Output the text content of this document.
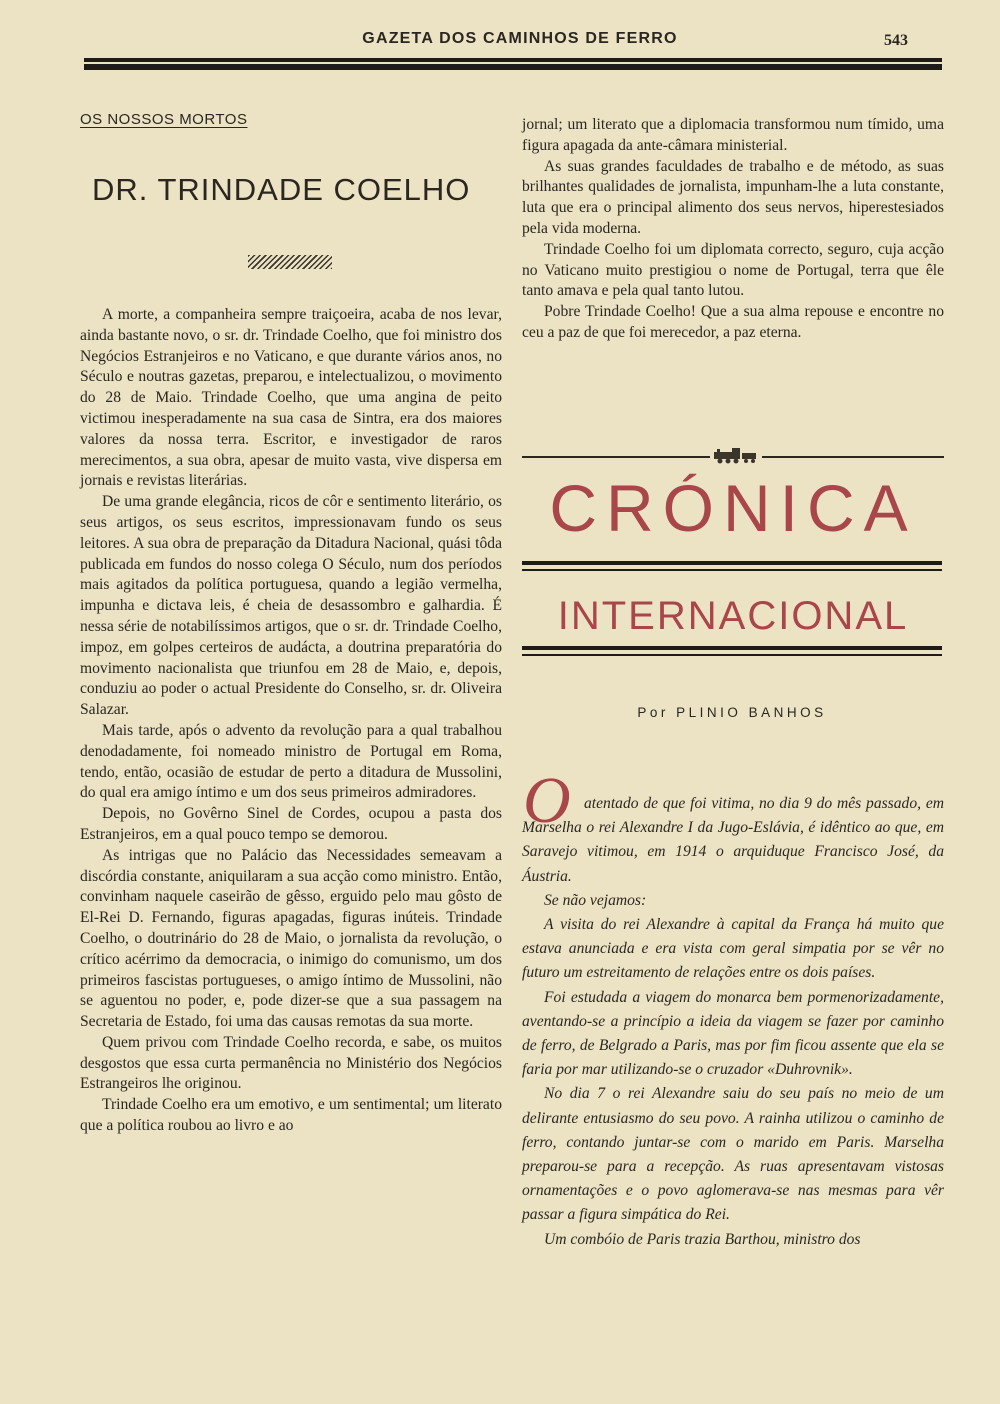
GAZETA DOS CAMINHOS DE FERRO	543
OS NOSSOS MORTOS
DR. TRINDADE COELHO

A morte, a companheira sempre traiçoeira, acaba de nos levar, ainda bastante novo, o sr. dr. Trindade Coelho, que foi ministro dos Negócios Estranjeiros e no Vaticano, e que durante vários anos, no Século e noutras gazetas, preparou, e intelectualizou, o movimento do 28 de Maio. Trindade Coelho, que uma angina de peito victimou inesperadamente na sua casa de Sintra, era dos maiores valores da nossa terra. Escritor, e investigador de raros merecimentos, a sua obra, apesar de muito vasta, vive dispersa em jornais e revistas literárias.

De uma grande elegância, ricos de côr e sentimento literário, os seus artigos, os seus escritos, impressionavam fundo os seus leitores. A sua obra de preparação da Ditadura Nacional, quási tôda publicada em fundos do nosso colega O Século, num dos períodos mais agitados da política portuguesa, quando a legião vermelha, impunha e dictava leis, é cheia de desassombro e galhardia. É nessa série de notabilíssimos artigos, que o sr. dr. Trindade Coelho, impoz, em golpes certeiros de audácta, a doutrina preparatória do movimento nacionalista que triunfou em 28 de Maio, e, depois, conduziu ao poder o actual Presidente do Conselho, sr. dr. Oliveira Salazar.

Mais tarde, após o advento da revolução para a qual trabalhou denodadamente, foi nomeado ministro de Portugal em Roma, tendo, então, ocasião de estudar de perto a ditadura de Mussolini, do qual era amigo íntimo e um dos seus primeiros admiradores.

Depois, no Govêrno Sinel de Cordes, ocupou a pasta dos Estranjeiros, em a qual pouco tempo se demorou.

As intrigas que no Palácio das Necessidades semeavam a discórdia constante, aniquilaram a sua acção como ministro. Então, convinham naquele caseirão de gêsso, erguido pelo mau gôsto de El-Rei D. Fernando, figuras apagadas, figuras inúteis. Trindade Coelho, o doutrinário do 28 de Maio, o jornalista da revolução, o crítico acérrimo da democracia, o inimigo do comunismo, um dos primeiros fascistas portugueses, o amigo íntimo de Mussolini, não se aguentou no poder, e, pode dizer-se que a sua passagem na Secretaria de Estado, foi uma das causas remotas da sua morte.

Quem privou com Trindade Coelho recorda, e sabe, os muitos desgostos que essa curta permanência no Ministério dos Negócios Estrangeiros lhe originou.

Trindade Coelho era um emotivo, e um sentimental; um literato que a política roubou ao livro e ao

jornal; um literato que a diplomacia transformou num tímido, uma figura apagada da ante-câmara ministerial.

As suas grandes faculdades de trabalho e de método, as suas brilhantes qualidades de jornalista, impunham-lhe a luta constante, luta que era o principal alimento dos seus nervos, hiperestesiados pela vida moderna.

Trindade Coelho foi um diplomata correcto, seguro, cuja acção no Vaticano muito prestigiou o nome de Portugal, terra que êle tanto amava e pela qual tanto lutou.

Pobre Trindade Coelho! Que a sua alma repouse e encontre no ceu a paz de que foi merecedor, a paz eterna.

CRÓNICA
INTERNACIONAL
Por PLINIO BANHOS
O atentado de que foi vitima, no dia 9 do mês passado, em Marselha o rei Alexandre I da Jugo-Eslávia, é idêntico ao que, em Saravejo vitimou, em 1914 o arquiduque Francisco José, da Áustria.

Se não vejamos:

A visita do rei Alexandre à capital da França há muito que estava anunciada e era vista com geral simpatia por se vêr no futuro um estreitamento de relações entre os dois países.

Foi estudada a viagem do monarca bem pormenorizadamente, aventando-se a princípio a ideia da viagem se fazer por caminho de ferro, de Belgrado a Paris, mas por fim ficou assente que ela se faria por mar utilizando-se o cruzador «Duhrovnik».

No dia 7 o rei Alexandre saiu do seu país no meio de um delirante entusiasmo do seu povo. A rainha utilizou o caminho de ferro, contando juntar-se com o marido em Paris. Marselha preparou-se para a recepção. As ruas apresentavam vistosas ornamentações e o povo aglomerava-se nas mesmas para vêr passar a figura simpática do Rei.

Um combóio de Paris trazia Barthou, ministro dos
